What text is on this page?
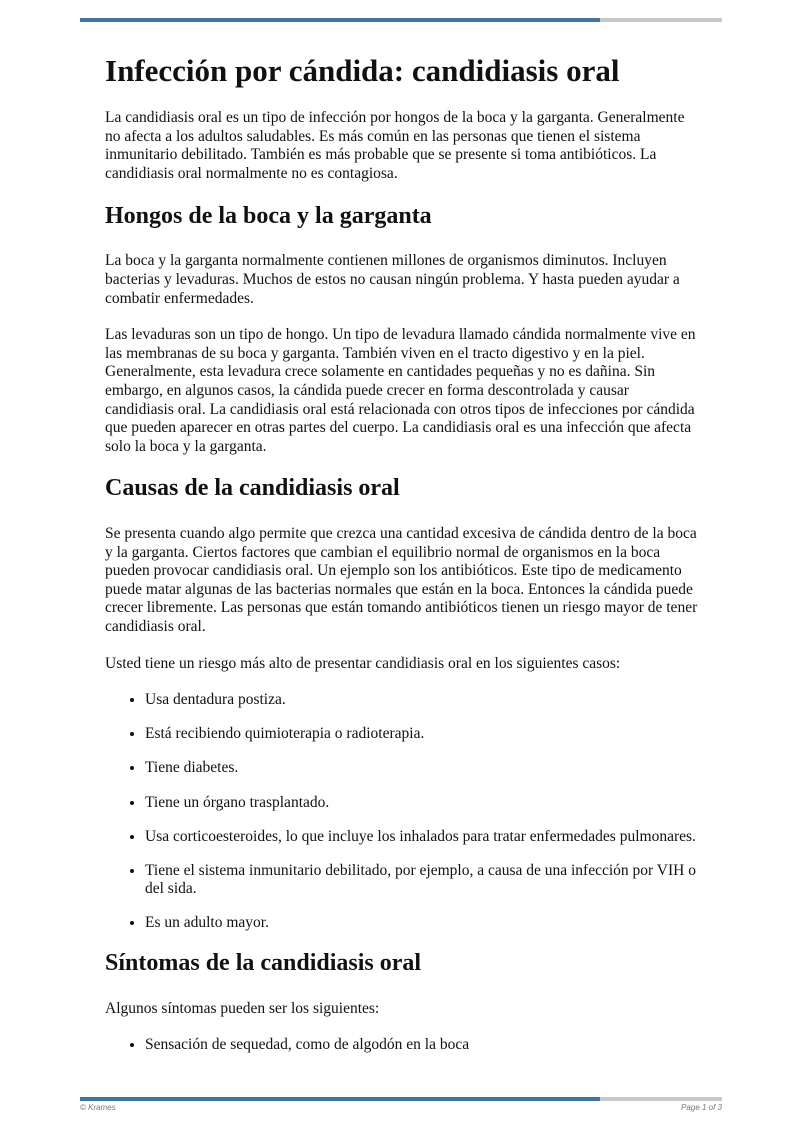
Infección por cándida: candidiasis oral

La candidiasis oral es un tipo de infección por hongos de la boca y la garganta. Generalmente no afecta a los adultos saludables. Es más común en las personas que tienen el sistema inmunitario debilitado. También es más probable que se presente si toma antibióticos. La candidiasis oral normalmente no es contagiosa.

Hongos de la boca y la garganta

La boca y la garganta normalmente contienen millones de organismos diminutos. Incluyen bacterias y levaduras. Muchos de estos no causan ningún problema. Y hasta pueden ayudar a combatir enfermedades.

Las levaduras son un tipo de hongo. Un tipo de levadura llamado cándida normalmente vive en las membranas de su boca y garganta. También viven en el tracto digestivo y en la piel. Generalmente, esta levadura crece solamente en cantidades pequeñas y no es dañina. Sin embargo, en algunos casos, la cándida puede crecer en forma descontrolada y causar candidiasis oral. La candidiasis oral está relacionada con otros tipos de infecciones por cándida que pueden aparecer en otras partes del cuerpo. La candidiasis oral es una infección que afecta solo la boca y la garganta.

Causas de la candidiasis oral

Se presenta cuando algo permite que crezca una cantidad excesiva de cándida dentro de la boca y la garganta. Ciertos factores que cambian el equilibrio normal de organismos en la boca pueden provocar candidiasis oral. Un ejemplo son los antibióticos. Este tipo de medicamento puede matar algunas de las bacterias normales que están en la boca. Entonces la cándida puede crecer libremente. Las personas que están tomando antibióticos tienen un riesgo mayor de tener candidiasis oral.

Usted tiene un riesgo más alto de presentar candidiasis oral en los siguientes casos:

• Usa dentadura postiza.
• Está recibiendo quimioterapia o radioterapia.
• Tiene diabetes.
• Tiene un órgano trasplantado.
• Usa corticoesteroides, lo que incluye los inhalados para tratar enfermedades pulmonares.
• Tiene el sistema inmunitario debilitado, por ejemplo, a causa de una infección por VIH o del sida.
• Es un adulto mayor.
Síntomas de la candidiasis oral

Algunos síntomas pueden ser los siguientes:

• Sensación de sequedad, como de algodón en la boca
© Krames	Page 1 of 3
